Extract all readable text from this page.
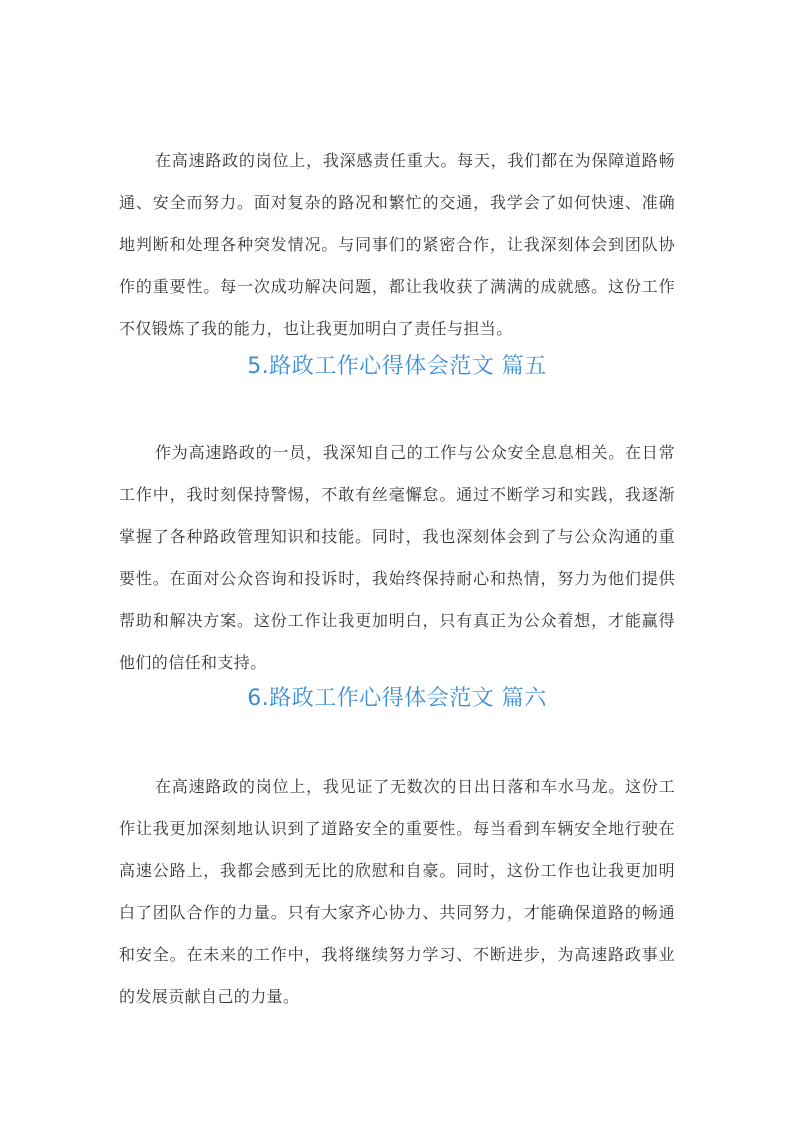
在高速路政的岗位上，我深感责任重大。每天，我们都在为保障道路畅通、安全而努力。面对复杂的路况和繁忙的交通，我学会了如何快速、准确地判断和处理各种突发情况。与同事们的紧密合作，让我深刻体会到团队协作的重要性。每一次成功解决问题，都让我收获了满满的成就感。这份工作不仅锻炼了我的能力，也让我更加明白了责任与担当。

5.路政工作心得体会范文 篇五

作为高速路政的一员，我深知自己的工作与公众安全息息相关。在日常工作中，我时刻保持警惕，不敢有丝毫懈怠。通过不断学习和实践，我逐渐掌握了各种路政管理知识和技能。同时，我也深刻体会到了与公众沟通的重要性。在面对公众咨询和投诉时，我始终保持耐心和热情，努力为他们提供帮助和解决方案。这份工作让我更加明白，只有真正为公众着想，才能赢得他们的信任和支持。

6.路政工作心得体会范文 篇六

在高速路政的岗位上，我见证了无数次的日出日落和车水马龙。这份工作让我更加深刻地认识到了道路安全的重要性。每当看到车辆安全地行驶在高速公路上，我都会感到无比的欣慰和自豪。同时，这份工作也让我更加明白了团队合作的力量。只有大家齐心协力、共同努力，才能确保道路的畅通和安全。在未来的工作中，我将继续努力学习、不断进步，为高速路政事业的发展贡献自己的力量。
